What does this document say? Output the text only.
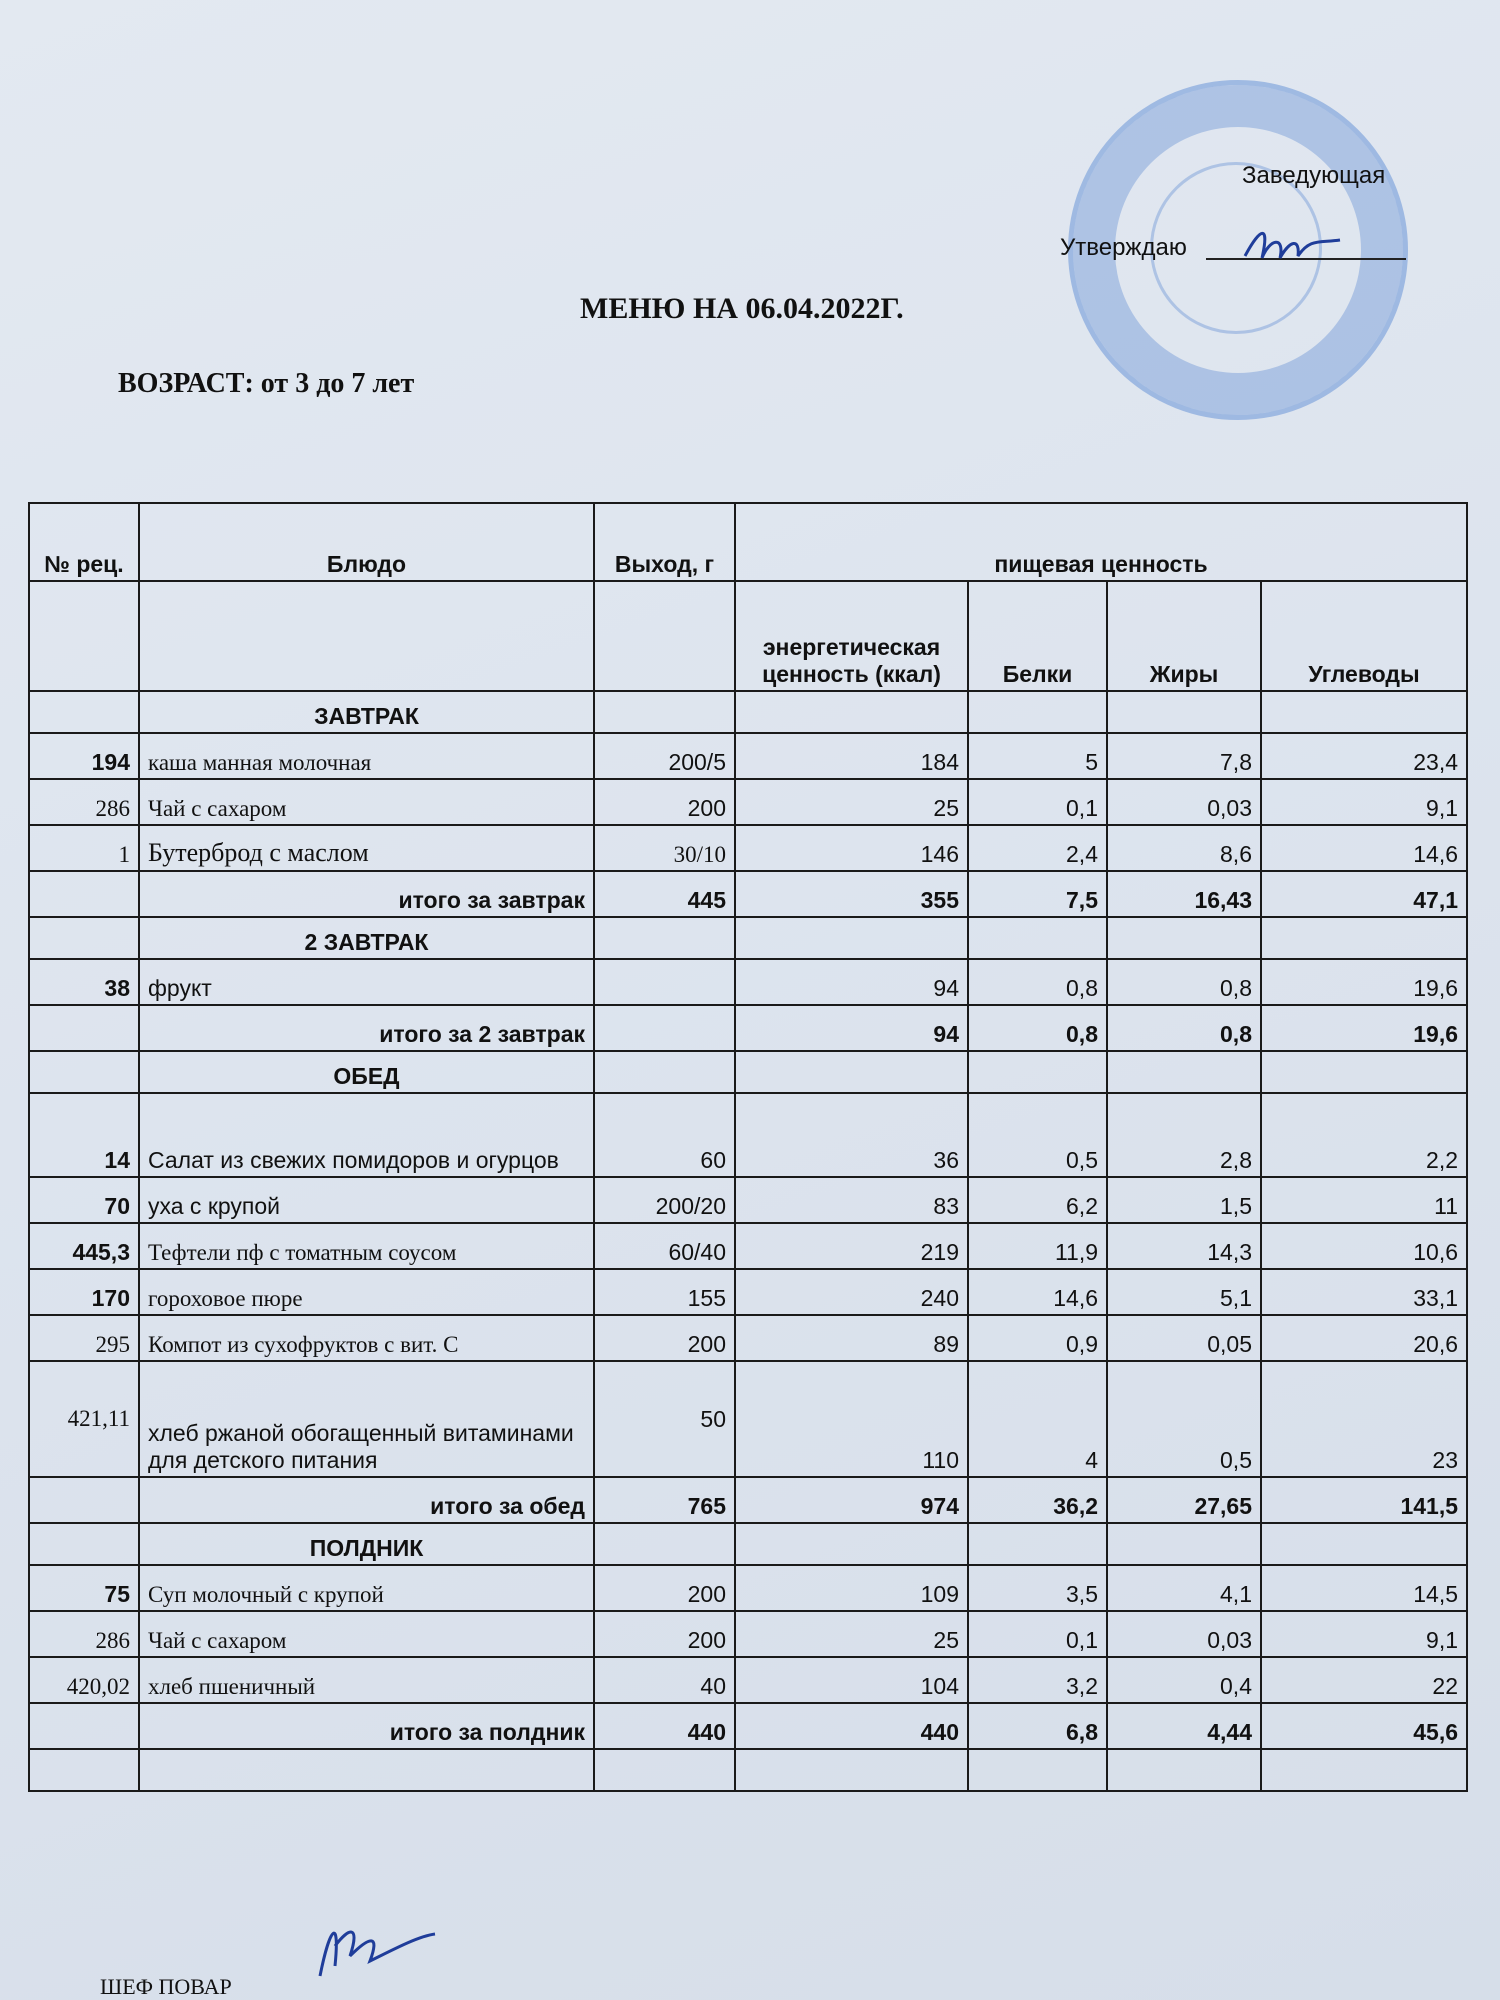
Заведующая
Утверждаю
МЕНЮ НА 06.04.2022Г.
ВОЗРАСТ: от 3 до 7 лет
№ рец.	Блюдо	Выход, г	пищевая ценность			
			энергетическая ценность (ккал)	Белки	Жиры	Углеводы
	ЗАВТРАК					
194	каша манная молочная	200/5	184	5	7,8	23,4
286	Чай с сахаром	200	25	0,1	0,03	9,1
1	Бутерброд с маслом	30/10	146	2,4	8,6	14,6
	итого за завтрак	445	355	7,5	16,43	47,1
	2 ЗАВТРАК					
38	фрукт		94	0,8	0,8	19,6
	итого за 2 завтрак		94	0,8	0,8	19,6
	ОБЕД					
14	Салат из свежих помидоров и огурцов	60	36	0,5	2,8	2,2
70	уха с крупой	200/20	83	6,2	1,5	11
445,3	Тефтели пф с томатным соусом	60/40	219	11,9	14,3	10,6
170	гороховое пюре	155	240	14,6	5,1	33,1
295	Компот из сухофруктов с вит. С	200	89	0,9	0,05	20,6
421,11	хлеб ржаной обогащенный витаминами для детского питания	50	110	4	0,5	23
	итого за обед	765	974	36,2	27,65	141,5
	ПОЛДНИК					
75	Суп молочный с крупой	200	109	3,5	4,1	14,5
286	Чай с сахаром	200	25	0,1	0,03	9,1
420,02	хлеб пшеничный	40	104	3,2	0,4	22
	итого за полдник	440	440	6,8	4,44	45,6

ШЕФ ПОВАР
